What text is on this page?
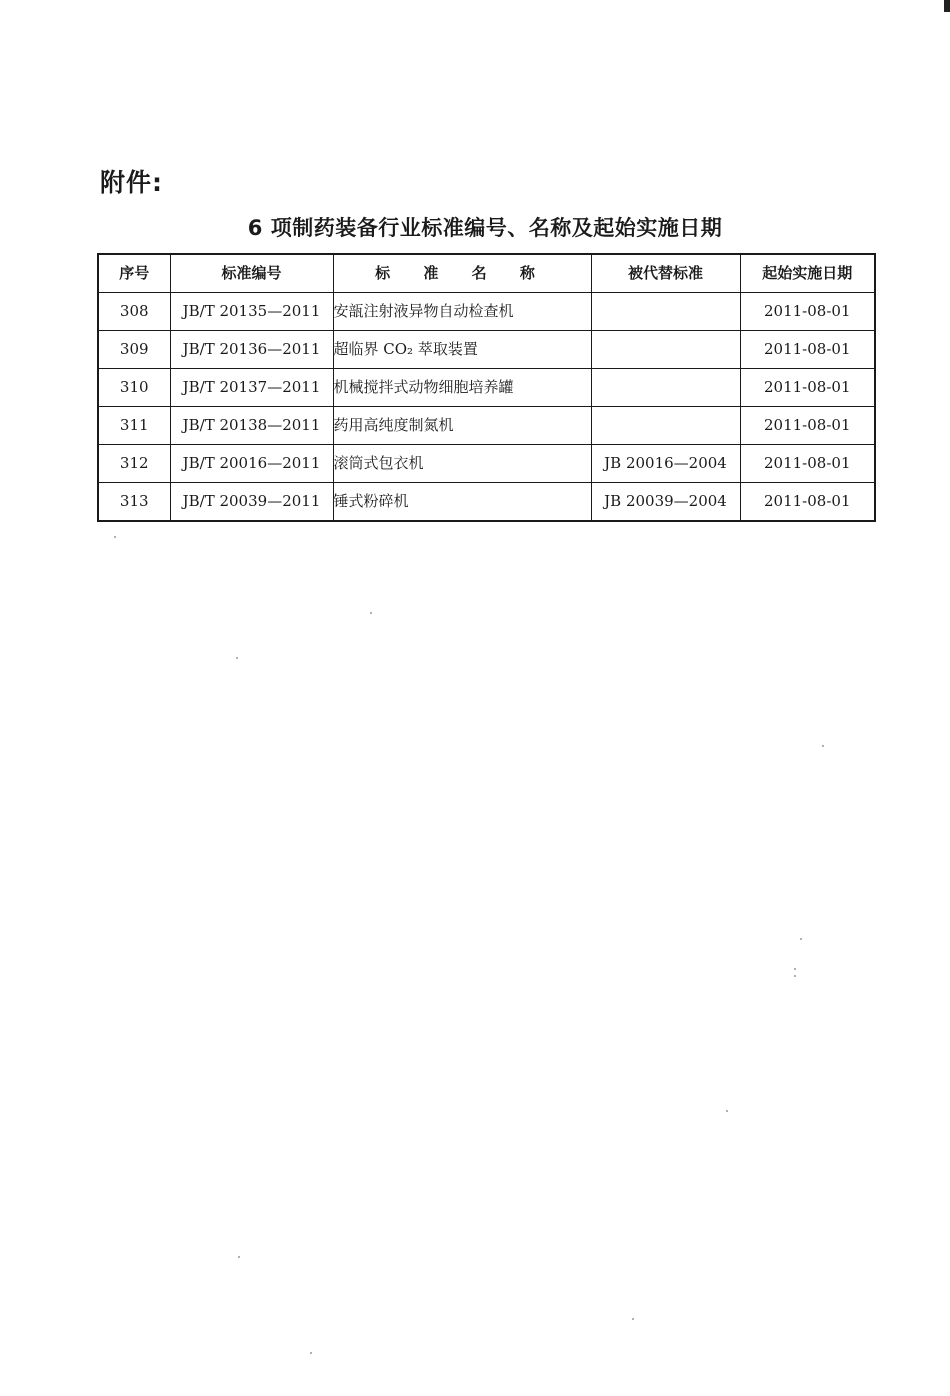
附件:
6 项制药装备行业标准编号、名称及起始实施日期
序号	标准编号	标 准 名 称	被代替标准	起始实施日期
308	JB/T 20135—2011	安瓿注射液异物自动检查机		2011-08-01
309	JB/T 20136—2011	超临界 CO₂ 萃取装置		2011-08-01
310	JB/T 20137—2011	机械搅拌式动物细胞培养罐		2011-08-01
311	JB/T 20138—2011	药用高纯度制氮机		2011-08-01
312	JB/T 20016—2011	滚筒式包衣机	JB 20016—2004	2011-08-01
313	JB/T 20039—2011	锤式粉碎机	JB 20039—2004	2011-08-01
